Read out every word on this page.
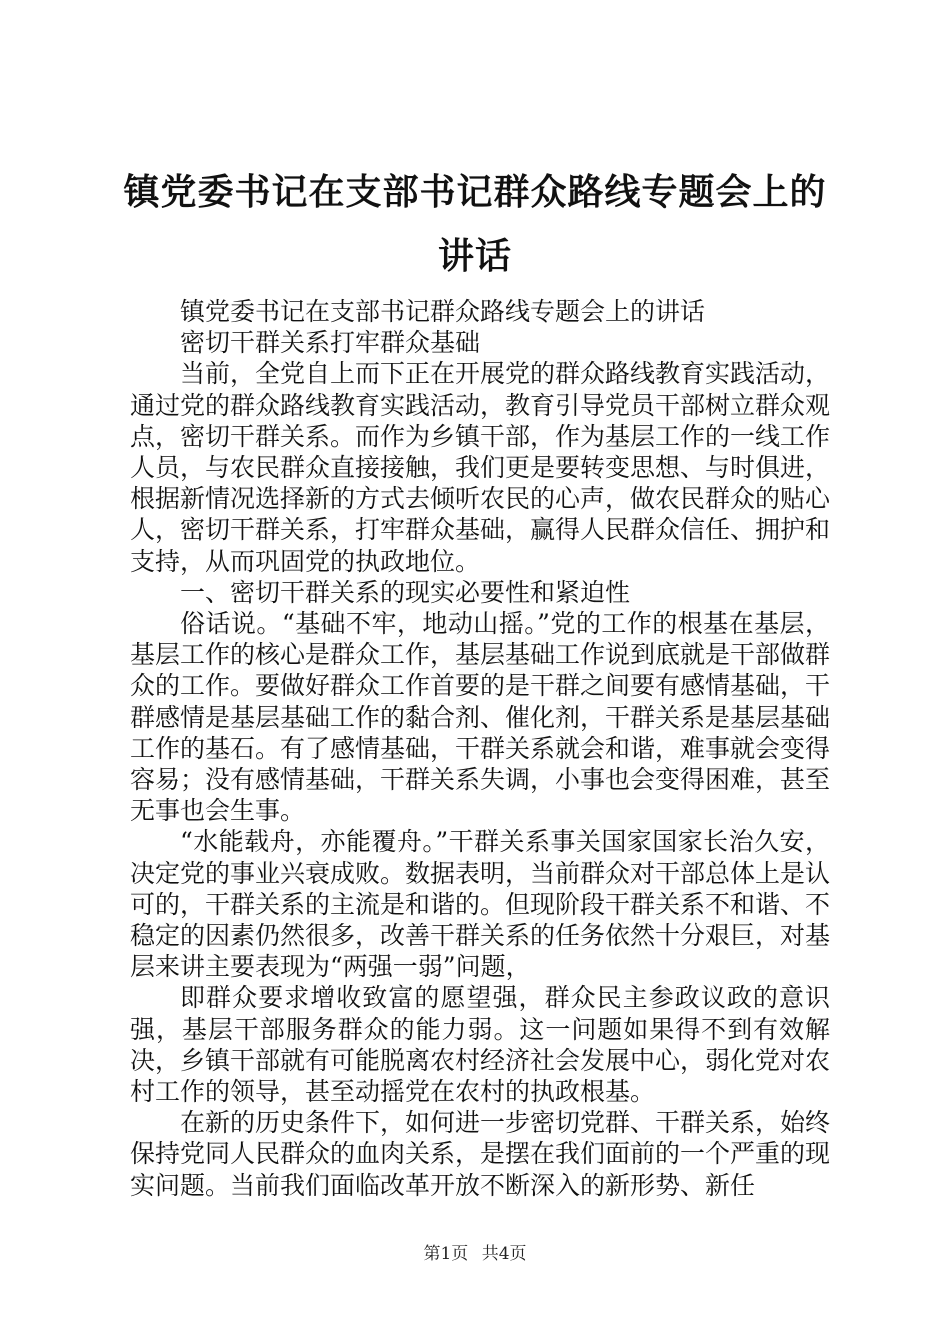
镇党委书记在支部书记群众路线专题会上的讲话

镇党委书记在支部书记群众路线专题会上的讲话

密切干群关系打牢群众基础

当前，全党自上而下正在开展党的群众路线教育实践活动，通过党的群众路线教育实践活动，教育引导党员干部树立群众观点，密切干群关系。而作为乡镇干部，作为基层工作的一线工作人员，与农民群众直接接触，我们更是要转变思想、与时俱进，根据新情况选择新的方式去倾听农民的心声，做农民群众的贴心人，密切干群关系，打牢群众基础，赢得人民群众信任、拥护和支持，从而巩固党的执政地位。

一、密切干群关系的现实必要性和紧迫性

俗话说。“基础不牢，地动山摇。”党的工作的根基在基层，基层工作的核心是群众工作，基层基础工作说到底就是干部做群众的工作。要做好群众工作首要的是干群之间要有感情基础，干群感情是基层基础工作的黏合剂、催化剂，干群关系是基层基础工作的基石。有了感情基础，干群关系就会和谐，难事就会变得容易；没有感情基础，干群关系失调，小事也会变得困难，甚至无事也会生事。

“水能载舟，亦能覆舟。”干群关系事关国家国家长治久安，决定党的事业兴衰成败。数据表明，当前群众对干部总体上是认可的，干群关系的主流是和谐的。但现阶段干群关系不和谐、不稳定的因素仍然很多，改善干群关系的任务依然十分艰巨，对基层来讲主要表现为“两强一弱”问题，

即群众要求增收致富的愿望强，群众民主参政议政的意识强，基层干部服务群众的能力弱。这一问题如果得不到有效解决，乡镇干部就有可能脱离农村经济社会发展中心，弱化党对农村工作的领导，甚至动摇党在农村的执政根基。

在新的历史条件下，如何进一步密切党群、干群关系，始终保持党同人民群众的血肉关系，是摆在我们面前的一个严重的现实问题。当前我们面临改革开放不断深入的新形势、新任

第1页 共4页
